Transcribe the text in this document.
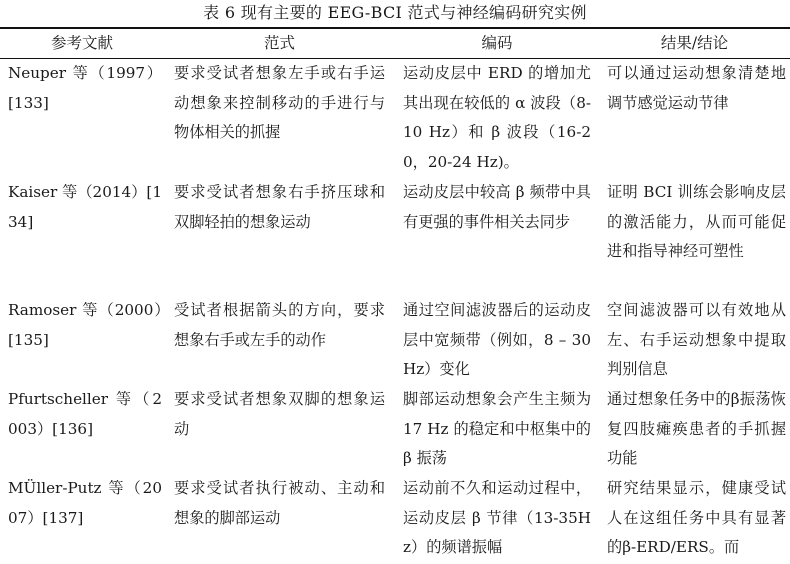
表 6 现有主要的 EEG-BCI 范式与神经编码研究实例
参考文献	范式	编码	结果/结论
Neuper 等（1997）[133]	要求受试者想象左手或右手运动想象来控制移动的手进行与物体相关的抓握	运动皮层中 ERD 的增加尤其出现在较低的 α 波段（8-10 Hz）和 β 波段（16-20，20-24 Hz)。	可以通过运动想象清楚地调节感觉运动节律
Kaiser 等（2014）[134]	要求受试者想象右手挤压球和双脚轻拍的想象运动	运动皮层中较高 β 频带中具有更强的事件相关去同步	证明 BCI 训练会影响皮层的激活能力，从而可能促进和指导神经可塑性
Ramoser 等（2000）[135]	受试者根据箭头的方向，要求想象右手或左手的动作	通过空间滤波器后的运动皮层中宽频带（例如，8 – 30 Hz）变化	空间滤波器可以有效地从左、右手运动想象中提取判别信息
Pfurtscheller 等（2003）[136]	要求受试者想象双脚的想象运动	脚部运动想象会产生主频为 17 Hz 的稳定和中枢集中的 β 振荡	通过想象任务中的β振荡恢复四肢瘫痪患者的手抓握功能
MÜller-Putz 等（2007）[137]	要求受试者执行被动、主动和想象的脚部运动	运动前不久和运动过程中，运动皮层 β 节律（13-35Hz）的频谱振幅	研究结果显示，健康受试人在这组任务中具有显著的β-ERD/ERS。而
